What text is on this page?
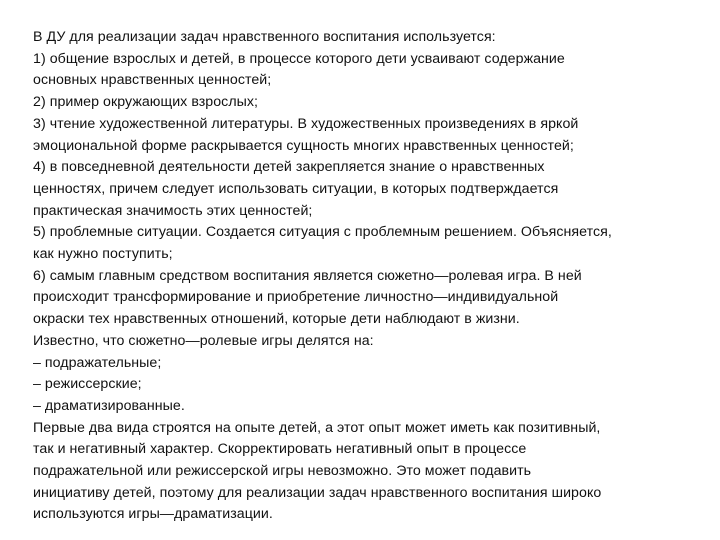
В ДУ для реализации задач нравственного воспитания используется:
1) общение взрослых и детей, в процессе которого дети усваивают содержание
основных нравственных ценностей;
2) пример окружающих взрослых;
3) чтение художественной литературы. В художественных произведениях в яркой
эмоциональной форме раскрывается сущность многих нравственных ценностей;
4) в повседневной деятельности детей закрепляется знание о нравственных
ценностях, причем следует использовать ситуации, в которых подтверждается
практическая значимость этих ценностей;
5) проблемные ситуации. Создается ситуация с проблемным решением. Объясняется,
как нужно поступить;
6) самым главным средством воспитания является сюжетно—ролевая игра. В ней
происходит трансформирование и приобретение личностно—индивидуальной
окраски тех нравственных отношений, которые дети наблюдают в жизни.
Известно, что сюжетно—ролевые игры делятся на:
– подражательные;
– режиссерские;
– драматизированные.
Первые два вида строятся на опыте детей, а этот опыт может иметь как позитивный,
так и негативный характер. Скорректировать негативный опыт в процессе
подражательной или режиссерской игры невозможно. Это может подавить
инициативу детей, поэтому для реализации задач нравственного воспитания широко
используются игры—драматизации.
